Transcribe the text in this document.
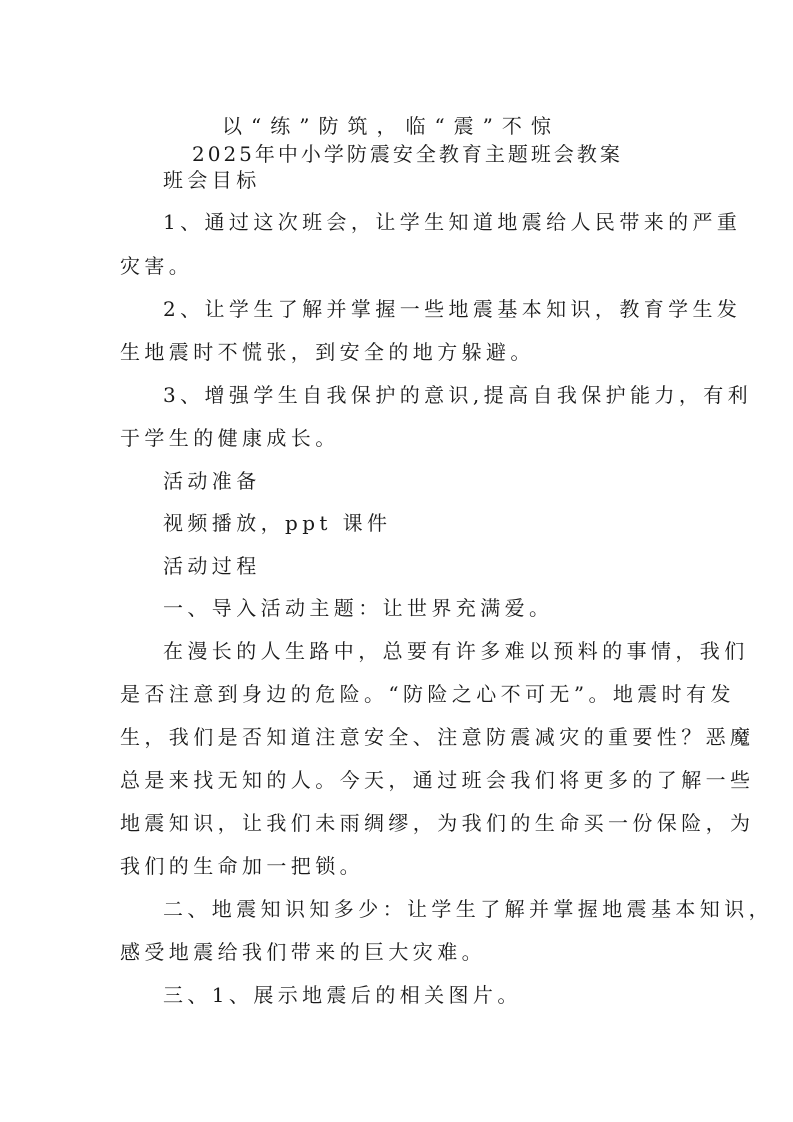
以“练”防筑，临“震”不惊
2025年中小学防震安全教育主题班会教案
班会目标
1、通过这次班会，让学生知道地震给人民带来的严重
灾害。
2、让学生了解并掌握一些地震基本知识，教育学生发
生地震时不慌张，到安全的地方躲避。
3、增强学生自我保护的意识,提高自我保护能力，有利
于学生的健康成长。
活动准备
视频播放，ppt 课件
活动过程
一、导入活动主题：让世界充满爱。
在漫长的人生路中，总要有许多难以预料的事情，我们
是否注意到身边的危险。“防险之心不可无”。地震时有发
生，我们是否知道注意安全、注意防震减灾的重要性？恶魔
总是来找无知的人。今天，通过班会我们将更多的了解一些
地震知识，让我们未雨绸缪，为我们的生命买一份保险，为
我们的生命加一把锁。
二、地震知识知多少：让学生了解并掌握地震基本知识，
感受地震给我们带来的巨大灾难。
三、1、展示地震后的相关图片。
